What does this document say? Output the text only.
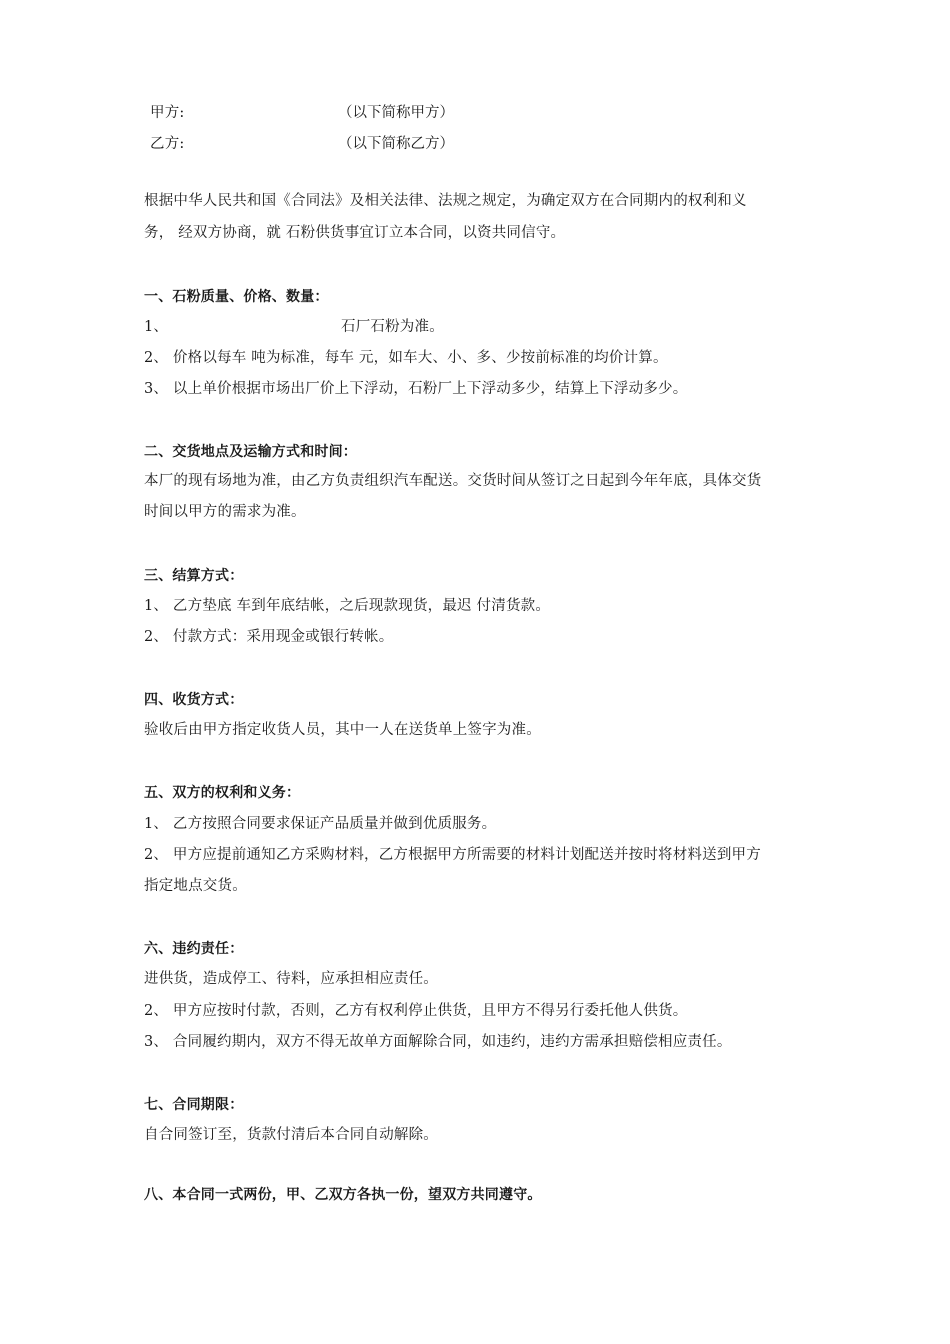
甲方:	（以下简称甲方）
乙方:	（以下简称乙方）
根据中华人民共和国《合同法》及相关法律、法规之规定，为确定双方在合同期内的权利和义
务， 经双方协商，就 石粉供货事宜订立本合同，以资共同信守。
一、石粉质量、价格、数量：
1、	石厂石粉为准。
2、 价格以每车 吨为标准，每车 元，如车大、小、多、少按前标准的均价计算。
3、 以上单价根据市场出厂价上下浮动，石粉厂上下浮动多少，结算上下浮动多少。
二、交货地点及运输方式和时间：
本厂的现有场地为准，由乙方负责组织汽车配送。交货时间从签订之日起到今年年底，具体交货
时间以甲方的需求为准。
三、结算方式：
1、 乙方垫底 车到年底结帐，之后现款现货，最迟 付清货款。
2、 付款方式：采用现金或银行转帐。
四、收货方式：
验收后由甲方指定收货人员，其中一人在送货单上签字为准。
五、双方的权利和义务：
1、 乙方按照合同要求保证产品质量并做到优质服务。
2、 甲方应提前通知乙方采购材料，乙方根据甲方所需要的材料计划配送并按时将材料送到甲方
指定地点交货。
六、违约责任：
进供货，造成停工、待料，应承担相应责任。
2、 甲方应按时付款，否则，乙方有权利停止供货，且甲方不得另行委托他人供货。
3、 合同履约期内，双方不得无故单方面解除合同，如违约，违约方需承担赔偿相应责任。
七、合同期限：
自合同签订至，货款付清后本合同自动解除。
八、本合同一式两份，甲、乙双方各执一份，望双方共同遵守。
